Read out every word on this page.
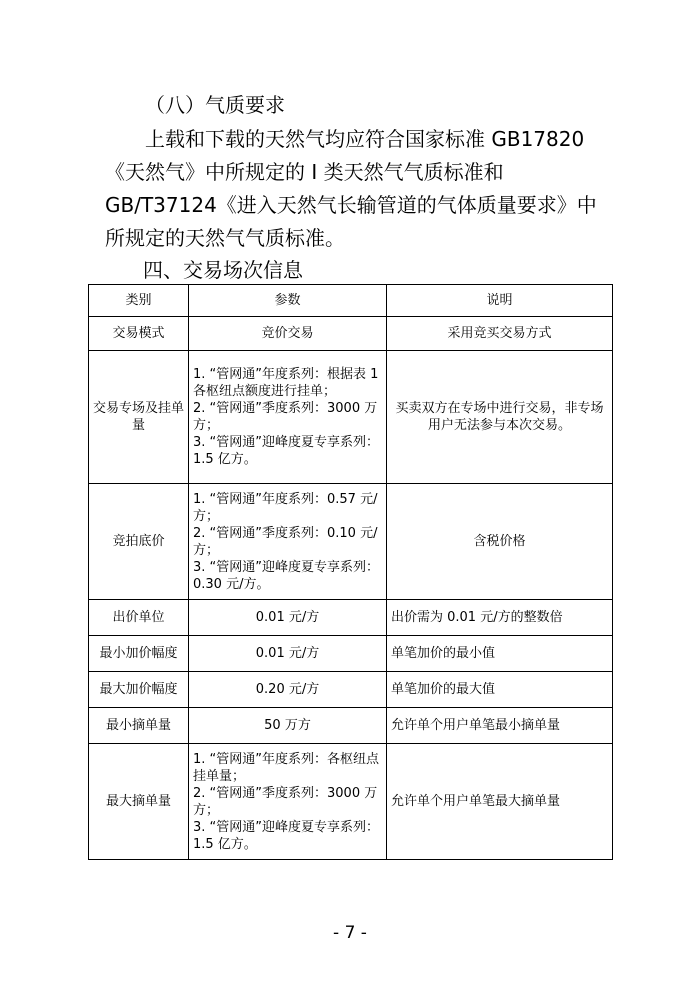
（八）气质要求
上载和下载的天然气均应符合国家标准 GB17820《天然气》中所规定的 I 类天然气气质标准和 GB/T37124《进入天然气长输管道的气体质量要求》中所规定的天然气气质标准。
四、交易场次信息
类别	参数	说明
交易模式	竞价交易	采用竞买交易方式
交易专场及挂单量	1. “管网通”年度系列：根据表 1 各枢纽点额度进行挂单；
2. “管网通”季度系列：3000 万方；
3. “管网通”迎峰度夏专享系列：1.5 亿方。	买卖双方在专场中进行交易，非专场用户无法参与本次交易。
竞拍底价	1. “管网通”年度系列：0.57 元/方；
2. “管网通”季度系列：0.10 元/方；
3. “管网通”迎峰度夏专享系列：0.30 元/方。	含税价格
出价单位	0.01 元/方	出价需为 0.01 元/方的整数倍
最小加价幅度	0.01 元/方	单笔加价的最小值
最大加价幅度	0.20 元/方	单笔加价的最大值
最小摘单量	50 万方	允许单个用户单笔最小摘单量
最大摘单量	1. “管网通”年度系列：各枢纽点挂单量；
2. “管网通”季度系列：3000 万方；
3. “管网通”迎峰度夏专享系列：1.5 亿方。	允许单个用户单笔最大摘单量
- 7 -
